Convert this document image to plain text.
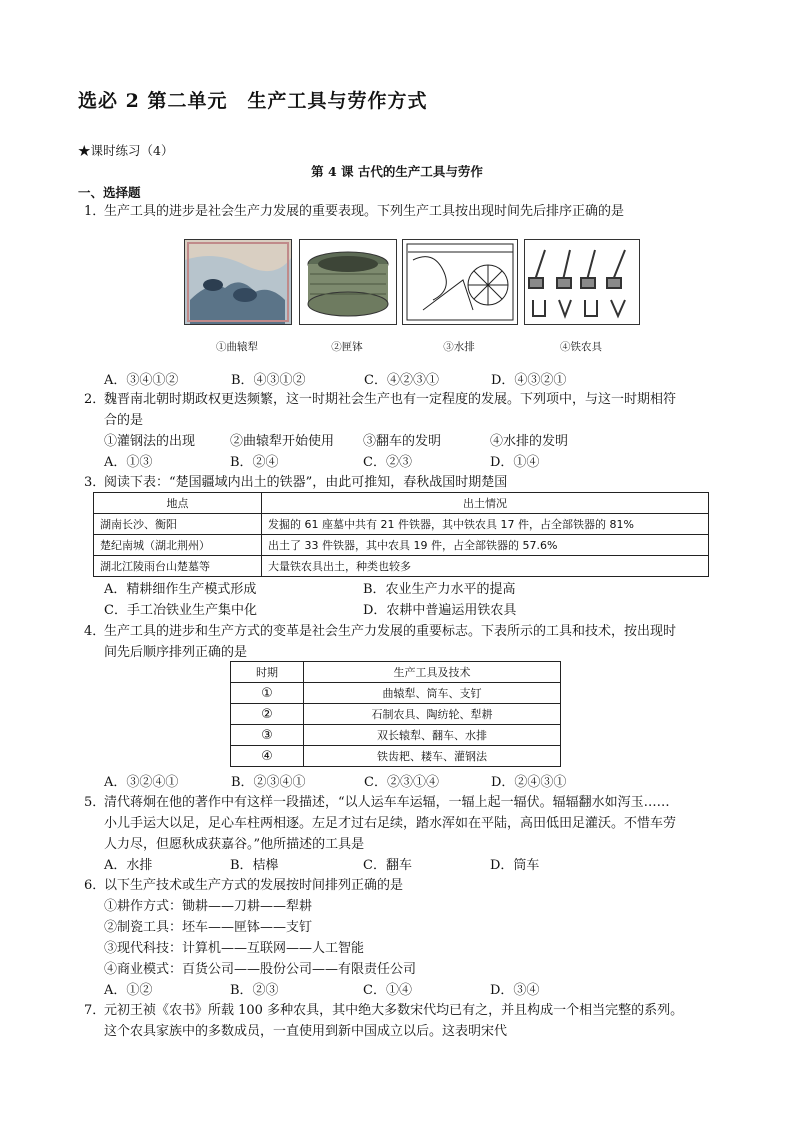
选必 2 第二单元　生产工具与劳作方式
★课时练习（4）
第 4 课 古代的生产工具与劳作
一、选择题
1．生产工具的进步是社会生产力发展的重要表现。下列生产工具按出现时间先后排序正确的是
①曲辕犁	②匣钵	③水排	④铁农具
A．③④①②	B．④③①②	C．④②③①	D．④③②①
2．魏晋南北朝时期政权更迭频繁，这一时期社会生产也有一定程度的发展。下列项中，与这一时期相符
合的是
①灌钢法的出现	②曲辕犁开始使用	③翻车的发明	④水排的发明
A．①③	B．②④	C．②③	D．①④
3．阅读下表：“楚国疆域内出土的铁器”，由此可推知，春秋战国时期楚国
地点	出土情况
湖南长沙、衡阳	发掘的 61 座墓中共有 21 件铁器，其中铁农具 17 件，占全部铁器的 81%
楚纪南城（湖北荆州）	出土了 33 件铁器，其中农具 19 件，占全部铁器的 57.6%
湖北江陵雨台山楚墓等	大量铁农具出土，种类也较多
A．精耕细作生产模式形成	B．农业生产力水平的提高
C．手工冶铁业生产集中化	D．农耕中普遍运用铁农具
4．生产工具的进步和生产方式的变革是社会生产力发展的重要标志。下表所示的工具和技术，按出现时
间先后顺序排列正确的是
时期	生产工具及技术
①	曲辕犁、筒车、支钉
②	石制农具、陶纺轮、犁耕
③	双长辕犁、翻车、水排
④	铁齿耙、耧车、灌钢法
A．③②④①	B．②③④①	C．②③①④	D．②④③①
5．清代蒋炯在他的著作中有这样一段描述，“以人运车车运辐，一辐上起一辐伏。辐辐翻水如泻玉……
小儿手运大以足，足心车柱两相逐。左足才过右足续，踏水浑如在平陆，高田低田足灌沃。不惜车劳
人力尽，但愿秋成获嘉谷。”他所描述的工具是
A．水排	B．桔槔	C．翻车	D．筒车
6．以下生产技术或生产方式的发展按时间排列正确的是
①耕作方式：锄耕——刀耕——犁耕
②制瓷工具：坯车——匣钵——支钉
③现代科技：计算机——互联网——人工智能
④商业模式：百货公司——股份公司——有限责任公司
A．①②	B．②③	C．①④	D．③④
7．元初王祯《农书》所载 100 多种农具，其中绝大多数宋代均已有之，并且构成一个相当完整的系列。
这个农具家族中的多数成员，一直使用到新中国成立以后。这表明宋代
